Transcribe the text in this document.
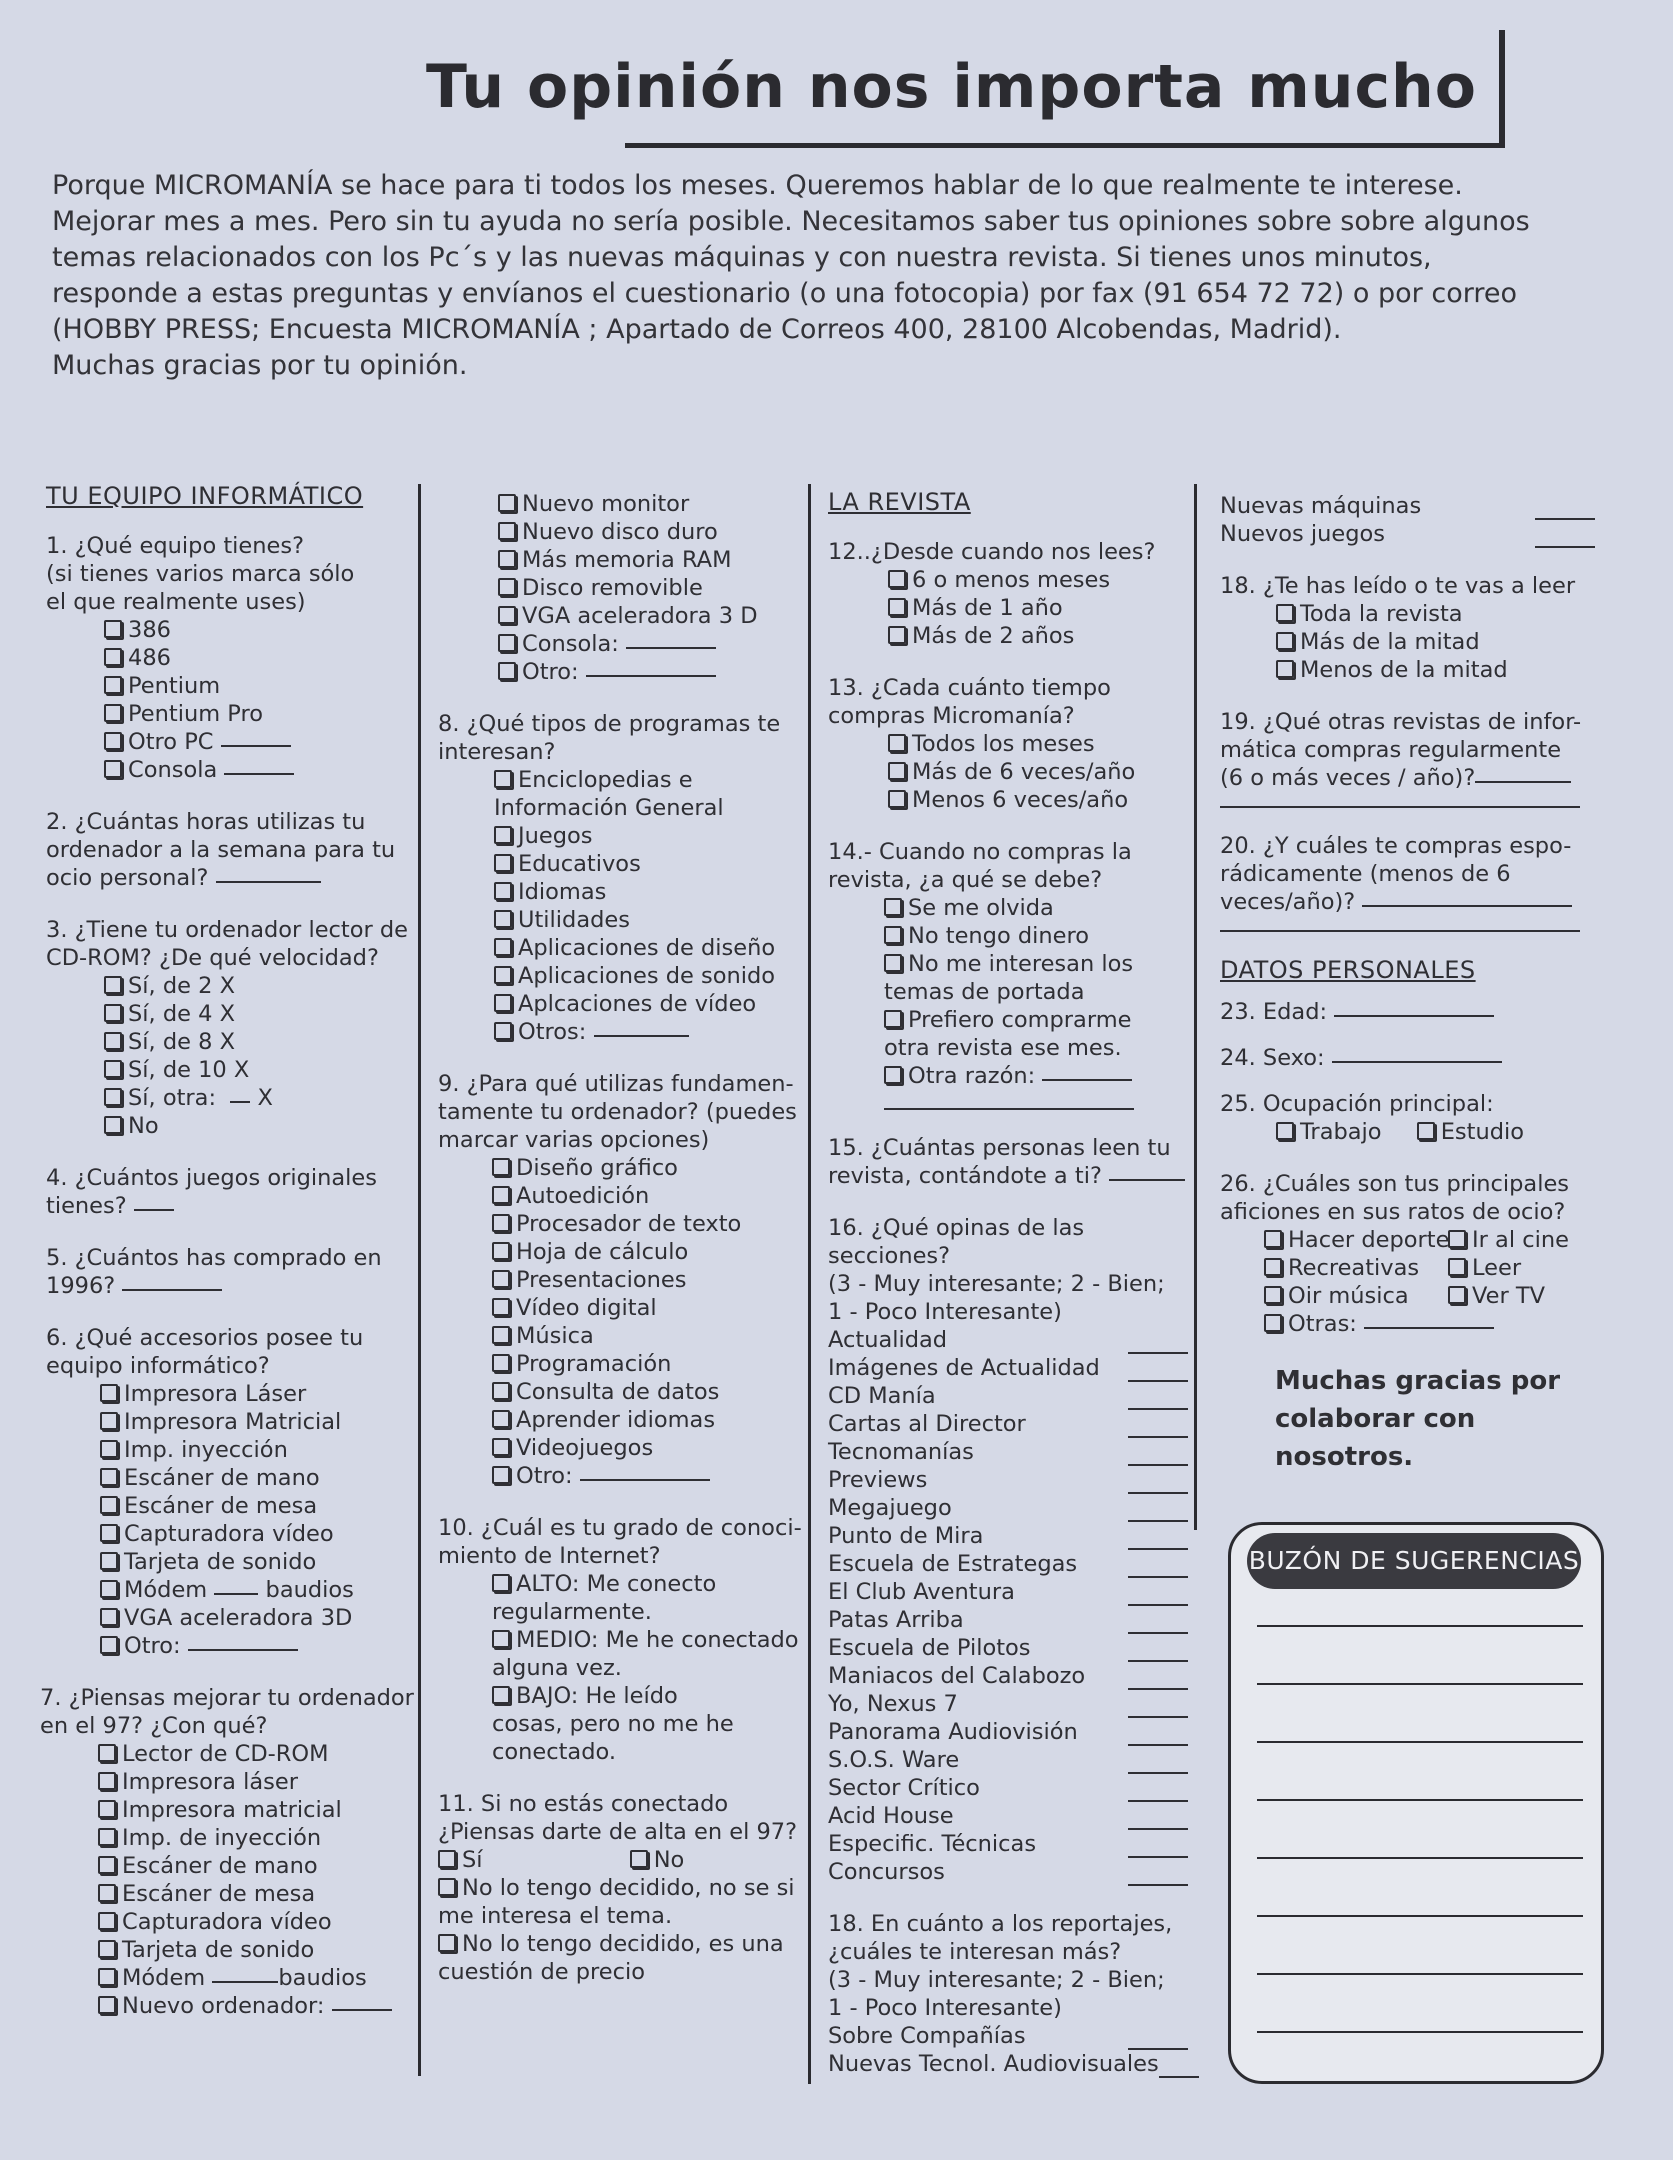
Tu opinión nos importa mucho

Porque MICROMANÍA se hace para ti todos los meses. Queremos hablar de lo que realmente te interese.

Mejorar mes a mes. Pero sin tu ayuda no sería posible. Necesitamos saber tus opiniones sobre sobre algunos

temas relacionados con los Pc´s y las nuevas máquinas y con nuestra revista. Si tienes unos minutos,

responde a estas preguntas y envíanos el cuestionario (o una fotocopia) por fax (91 654 72 72) o por correo

(HOBBY PRESS; Encuesta MICROMANÍA ; Apartado de Correos 400, 28100 Alcobendas, Madrid).

Muchas gracias por tu opinión.

TU EQUIPO INFORMÁTICO
1. ¿Qué equipo tienes?
(si tienes varios marca sólo
el que realmente uses)
386
486
Pentium
Pentium Pro
Otro PC
Consola
2. ¿Cuántas horas utilizas tu
ordenador a la semana para tu
ocio personal?
3. ¿Tiene tu ordenador lector de
CD-ROM? ¿De qué velocidad?
Sí, de 2 X
Sí, de 4 X
Sí, de 8 X
Sí, de 10 X
Sí, otra: X
No
4. ¿Cuántos juegos originales
tienes?
5. ¿Cuántos has comprado en
1996?
6. ¿Qué accesorios posee tu
equipo informático?
Impresora Láser
Impresora Matricial
Imp. inyección
Escáner de mano
Escáner de mesa
Capturadora vídeo
Tarjeta de sonido
Módem	baudios
VGA aceleradora 3D
Otro:
7. ¿Piensas mejorar tu ordenador
en el 97? ¿Con qué?
Lector de CD-ROM
Impresora láser
Impresora matricial
Imp. de inyección
Escáner de mano
Escáner de mesa
Capturadora vídeo
Tarjeta de sonido
Módem	baudios
Nuevo ordenador:
Nuevo monitor
Nuevo disco duro
Más memoria RAM
Disco removible
VGA aceleradora 3 D
Consola:
Otro:
8. ¿Qué tipos de programas te
interesan?
Enciclopedias e
Información General
Juegos
Educativos
Idiomas
Utilidades
Aplicaciones de diseño
Aplicaciones de sonido
Aplcaciones de vídeo
Otros:
9. ¿Para qué utilizas fundamen-
tamente tu ordenador? (puedes
marcar varias opciones)
Diseño gráfico
Autoedición
Procesador de texto
Hoja de cálculo
Presentaciones
Vídeo digital
Música
Programación
Consulta de datos
Aprender idiomas
Videojuegos
Otro:
10. ¿Cuál es tu grado de conoci-
miento de Internet?
ALTO: Me conecto
regularmente.
MEDIO: Me he conectado
alguna vez.
BAJO: He leído
cosas, pero no me he
conectado.
11. Si no estás conectado
¿Piensas darte de alta en el 97?
Sí	No
No lo tengo decidido, no se si
me interesa el tema.
No lo tengo decidido, es una
cuestión de precio
LA REVISTA
12..¿Desde cuando nos lees?
6 o menos meses
Más de 1 año
Más de 2 años
13. ¿Cada cuánto tiempo
compras Micromanía?
Todos los meses
Más de 6 veces/año
Menos 6 veces/año
14.- Cuando no compras la
revista, ¿a qué se debe?
Se me olvida
No tengo dinero
No me interesan los
temas de portada
Prefiero comprarme
otra revista ese mes.
Otra razón:
15. ¿Cuántas personas leen tu
revista, contándote a ti?
16. ¿Qué opinas de las secciones?
(3 - Muy interesante; 2 - Bien;
1 - Poco Interesante)
Actualidad
Imágenes de Actualidad
CD Manía
Cartas al Director
Tecnomanías
Previews
Megajuego
Punto de Mira
Escuela de Estrategas
El Club Aventura
Patas Arriba
Escuela de Pilotos
Maniacos del Calabozo
Yo, Nexus 7
Panorama Audiovisión
S.O.S. Ware
Sector Crítico
Acid House
Especific. Técnicas
Concursos
18. En cuánto a los reportajes,
¿cuáles te interesan más?
(3 - Muy interesante; 2 - Bien;
1 - Poco Interesante)
Sobre Compañías
Nuevas Tecnol. Audiovisuales
Nuevas máquinas
Nuevos juegos
18. ¿Te has leído o te vas a leer
Toda la revista
Más de la mitad
Menos de la mitad
19. ¿Qué otras revistas de infor-
mática compras regularmente
(6 o más veces / año)?
20. ¿Y cuáles te compras espo-
rádicamente (menos de 6
veces/año)?
DATOS PERSONALES
23. Edad:
24. Sexo:
25. Ocupación principal:
Trabajo	Estudio
26. ¿Cuáles son tus principales
aficiones en sus ratos de ocio?
Hacer deporte Ir al cine
Recreativas Leer
Oir música	Ver TV
Otras:
Muchas gracias por
colaborar con nosotros.
BUZÓN DE SUGERENCIAS
